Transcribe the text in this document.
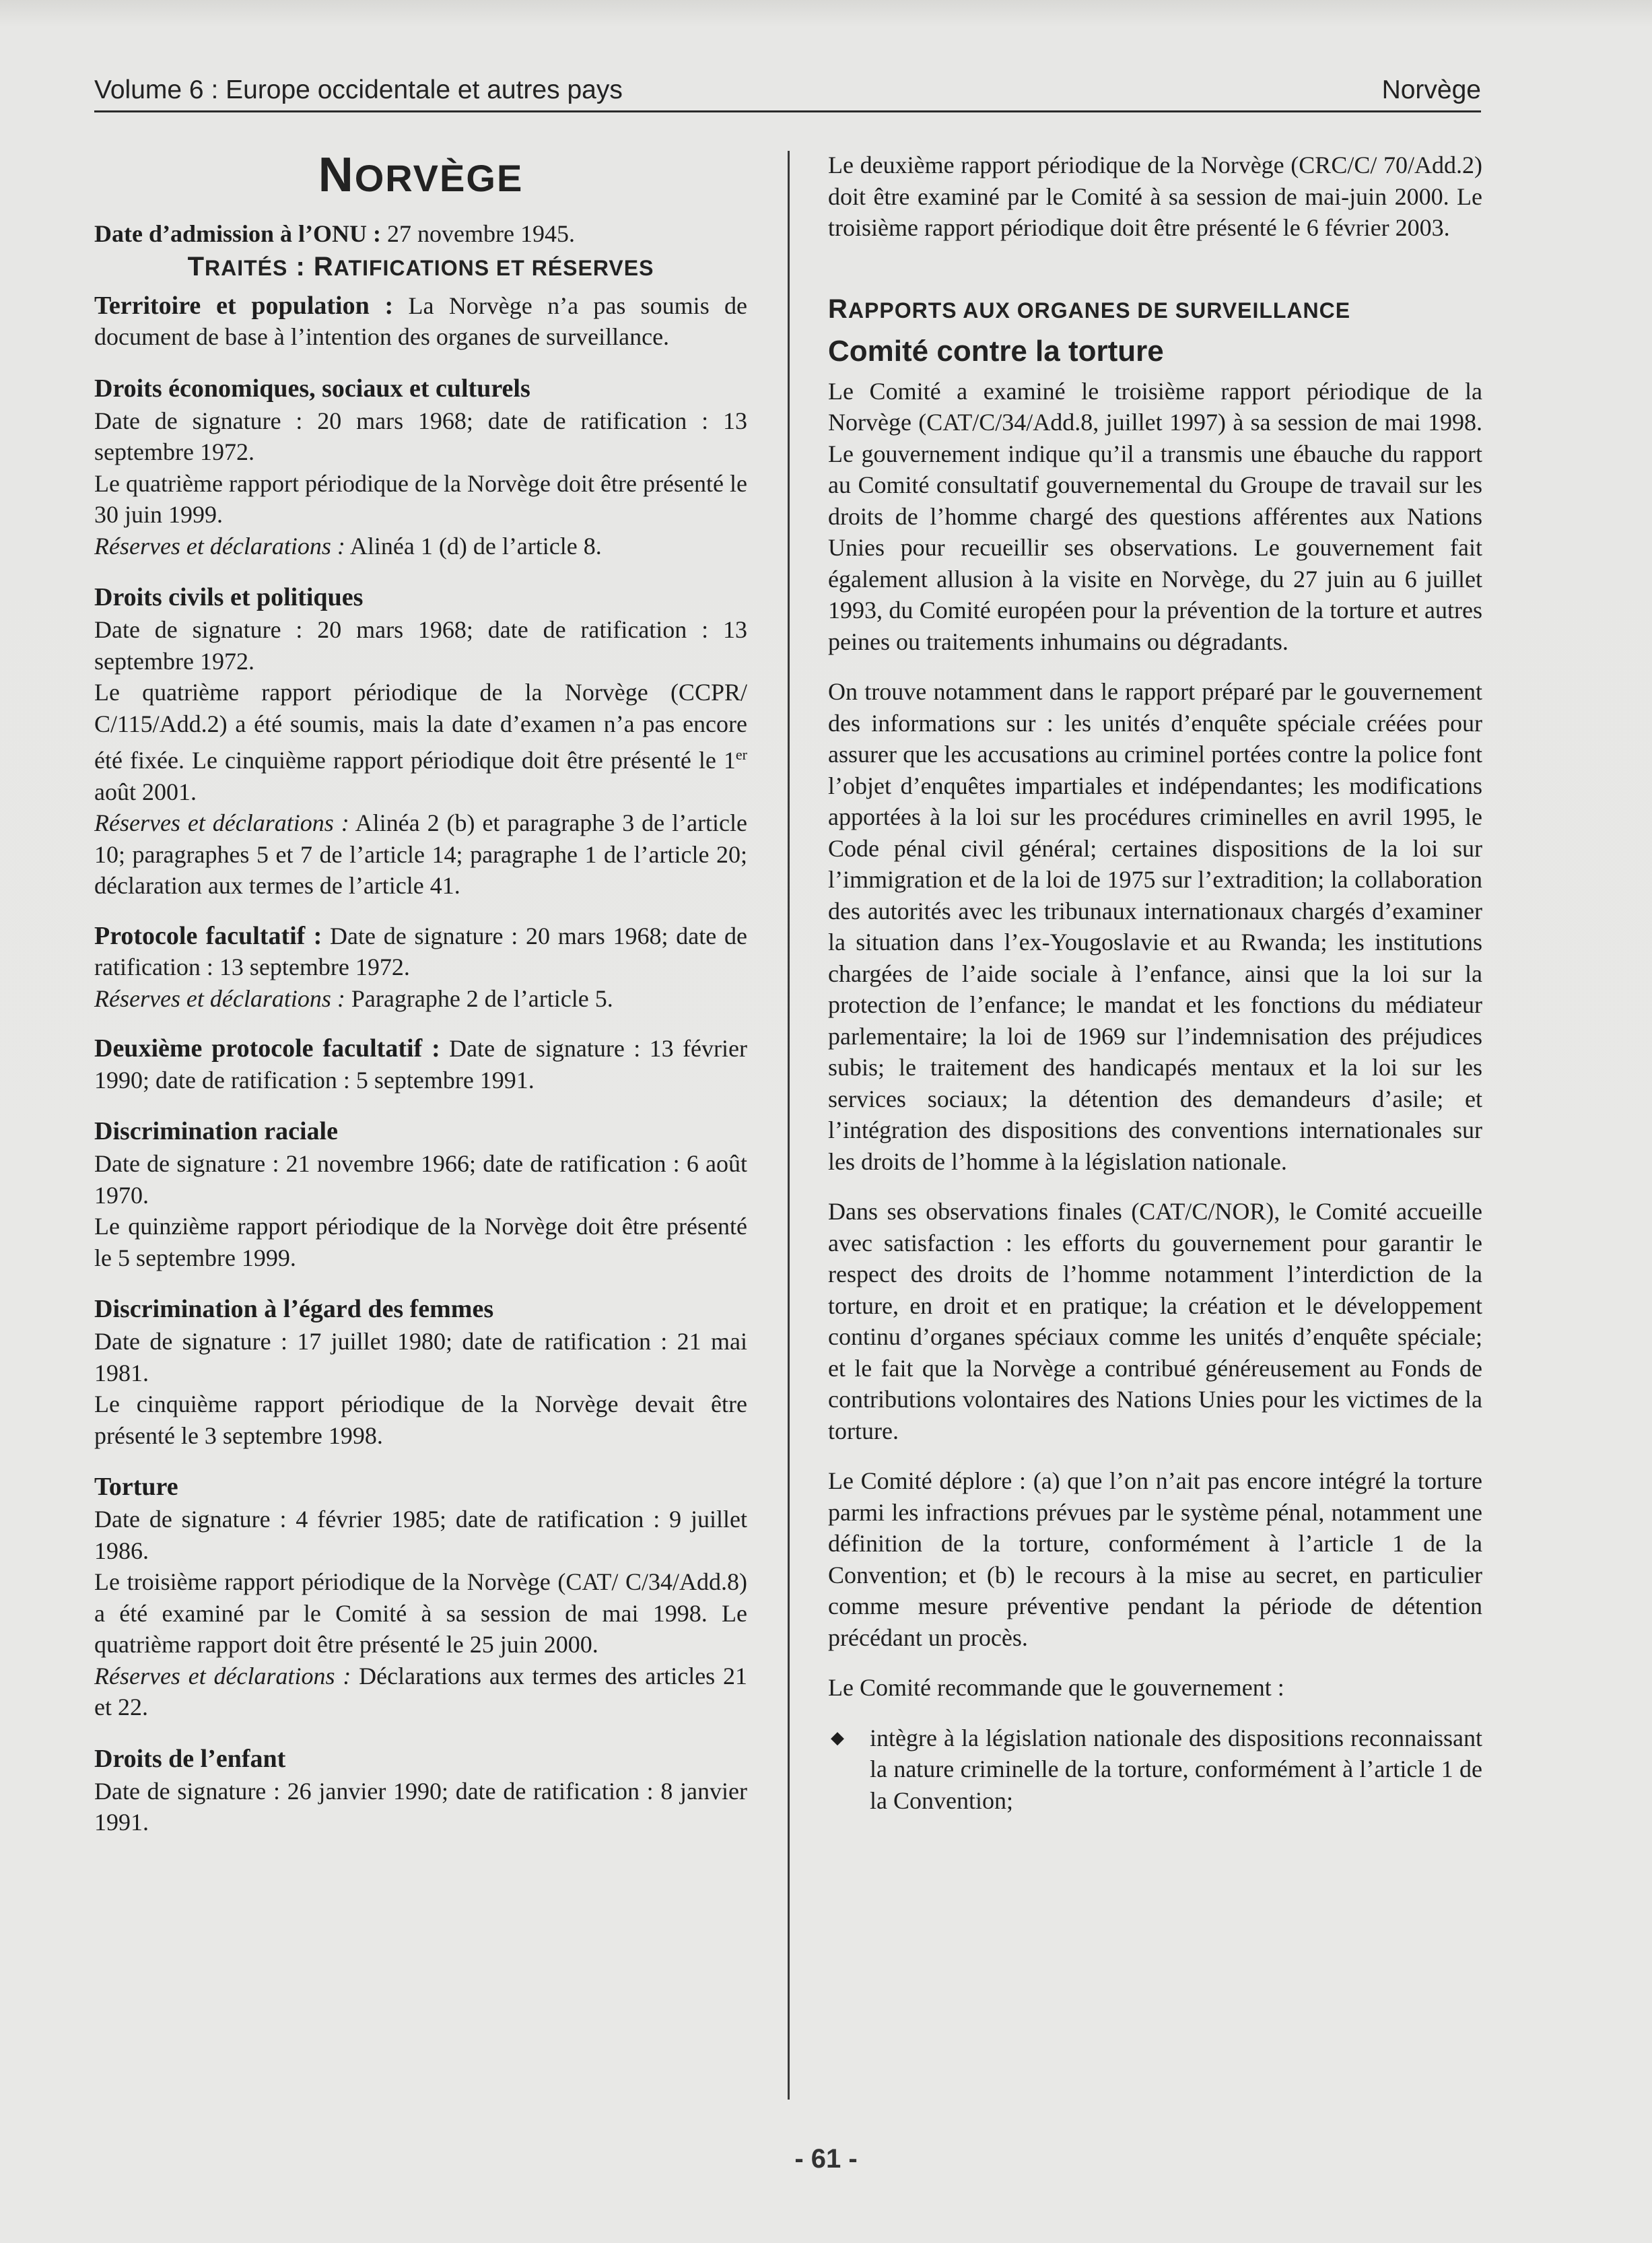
Volume 6 : Europe occidentale et autres pays	Norvège
NORVÈGE

Date d’admission à l’ONU : 27 novembre 1945.

TRAITÉS : RATIFICATIONS ET RÉSERVES

Territoire et population : La Norvège n’a pas soumis de document de base à l’intention des organes de surveillance.

Droits économiques, sociaux et culturels

Date de signature : 20 mars 1968; date de ratification : 13 septembre 1972.

Le quatrième rapport périodique de la Norvège doit être présenté le 30 juin 1999.

Réserves et déclarations : Alinéa 1 (d) de l’article 8.

Droits civils et politiques

Date de signature : 20 mars 1968; date de ratification : 13 septembre 1972.

Le quatrième rapport périodique de la Norvège (CCPR/ C/115/Add.2) a été soumis, mais la date d’examen n’a pas encore été fixée. Le cinquième rapport périodique doit être présenté le 1er août 2001.

Réserves et déclarations : Alinéa 2 (b) et paragraphe 3 de l’article 10; paragraphes 5 et 7 de l’article 14; paragraphe 1 de l’article 20; déclaration aux termes de l’article 41.

Protocole facultatif : Date de signature : 20 mars 1968; date de ratification : 13 septembre 1972.

Réserves et déclarations : Paragraphe 2 de l’article 5.

Deuxième protocole facultatif : Date de signature : 13 février 1990; date de ratification : 5 septembre 1991.

Discrimination raciale

Date de signature : 21 novembre 1966; date de ratification : 6 août 1970.

Le quinzième rapport périodique de la Norvège doit être présenté le 5 septembre 1999.

Discrimination à l’égard des femmes

Date de signature : 17 juillet 1980; date de ratification : 21 mai 1981.

Le cinquième rapport périodique de la Norvège devait être présenté le 3 septembre 1998.

Torture

Date de signature : 4 février 1985; date de ratification : 9 juillet 1986.

Le troisième rapport périodique de la Norvège (CAT/ C/34/Add.8) a été examiné par le Comité à sa session de mai 1998. Le quatrième rapport doit être présenté le 25 juin 2000.

Réserves et déclarations : Déclarations aux termes des articles 21 et 22.

Droits de l’enfant

Date de signature : 26 janvier 1990; date de ratification : 8 janvier 1991.

Le deuxième rapport périodique de la Norvège (CRC/C/ 70/Add.2) doit être examiné par le Comité à sa session de mai-juin 2000. Le troisième rapport périodique doit être présenté le 6 février 2003.

RAPPORTS AUX ORGANES DE SURVEILLANCE
Comité contre la torture

Le Comité a examiné le troisième rapport périodique de la Norvège (CAT/C/34/Add.8, juillet 1997) à sa session de mai 1998. Le gouvernement indique qu’il a transmis une ébauche du rapport au Comité consultatif gouvernemental du Groupe de travail sur les droits de l’homme chargé des questions afférentes aux Nations Unies pour recueillir ses observations. Le gouvernement fait également allusion à la visite en Norvège, du 27 juin au 6 juillet 1993, du Comité européen pour la prévention de la torture et autres peines ou traitements inhumains ou dégradants.

On trouve notamment dans le rapport préparé par le gouvernement des informations sur : les unités d’enquête spéciale créées pour assurer que les accusations au criminel portées contre la police font l’objet d’enquêtes impartiales et indépendantes; les modifications apportées à la loi sur les procédures criminelles en avril 1995, le Code pénal civil général; certaines dispositions de la loi sur l’immigration et de la loi de 1975 sur l’extradition; la collaboration des autorités avec les tribunaux internationaux chargés d’examiner la situation dans l’ex-Yougoslavie et au Rwanda; les institutions chargées de l’aide sociale à l’enfance, ainsi que la loi sur la protection de l’enfance; le mandat et les fonctions du médiateur parlementaire; la loi de 1969 sur l’indemnisation des préjudices subis; le traitement des handicapés mentaux et la loi sur les services sociaux; la détention des demandeurs d’asile; et l’intégration des dispositions des conventions internationales sur les droits de l’homme à la législation nationale.

Dans ses observations finales (CAT/C/NOR), le Comité accueille avec satisfaction : les efforts du gouvernement pour garantir le respect des droits de l’homme notamment l’interdiction de la torture, en droit et en pratique; la création et le développement continu d’organes spéciaux comme les unités d’enquête spéciale; et le fait que la Norvège a contribué généreusement au Fonds de contributions volontaires des Nations Unies pour les victimes de la torture.

Le Comité déplore : (a) que l’on n’ait pas encore intégré la torture parmi les infractions prévues par le système pénal, notamment une définition de la torture, conformément à l’article 1 de la Convention; et (b) le recours à la mise au secret, en particulier comme mesure préventive pendant la période de détention précédant un procès.

Le Comité recommande que le gouvernement :

◆ intègre à la législation nationale des dispositions reconnaissant la nature criminelle de la torture, conformément à l’article 1 de la Convention;
- 61 -
